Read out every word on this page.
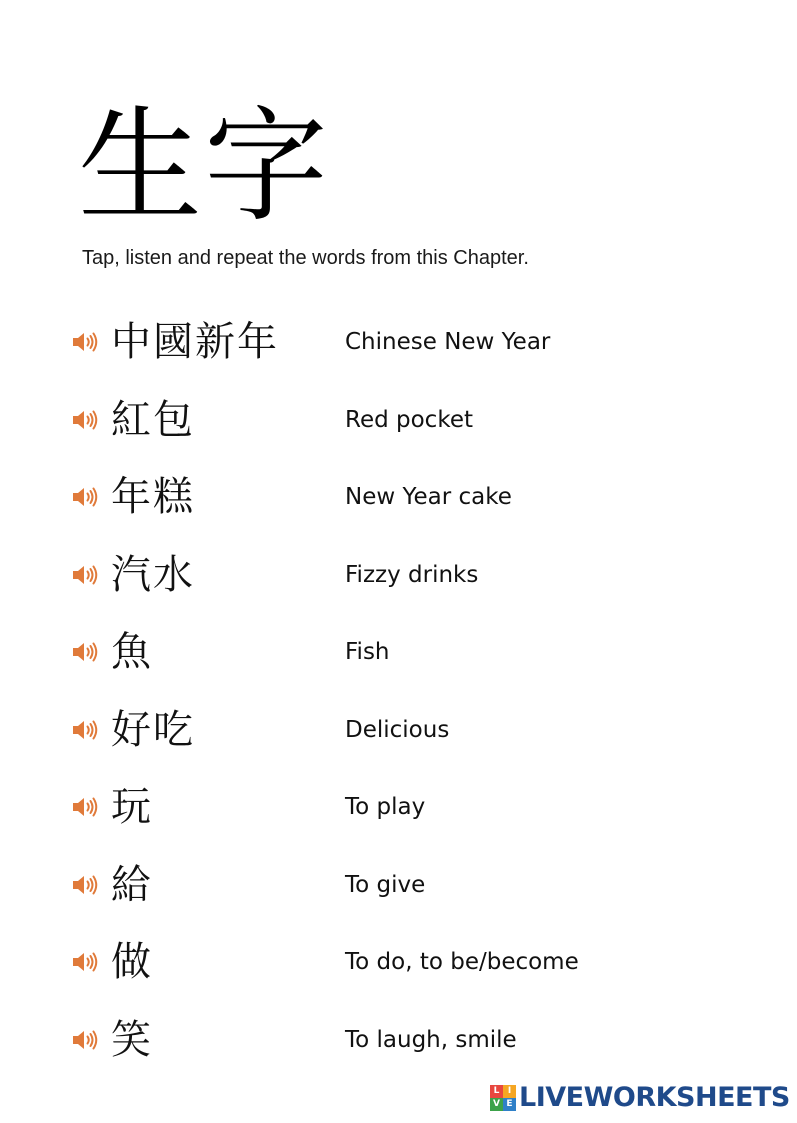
生字
Tap, listen and repeat the words from this Chapter.
中國新年	Chinese New Year
紅包	Red pocket
年糕	New Year cake
汽水	Fizzy drinks
魚	Fish
好吃	Delicious
玩	To play
給	To give
做	To do, to be/become
笑	To laugh, smile
L I
V E LIVEWORKSHEETS
